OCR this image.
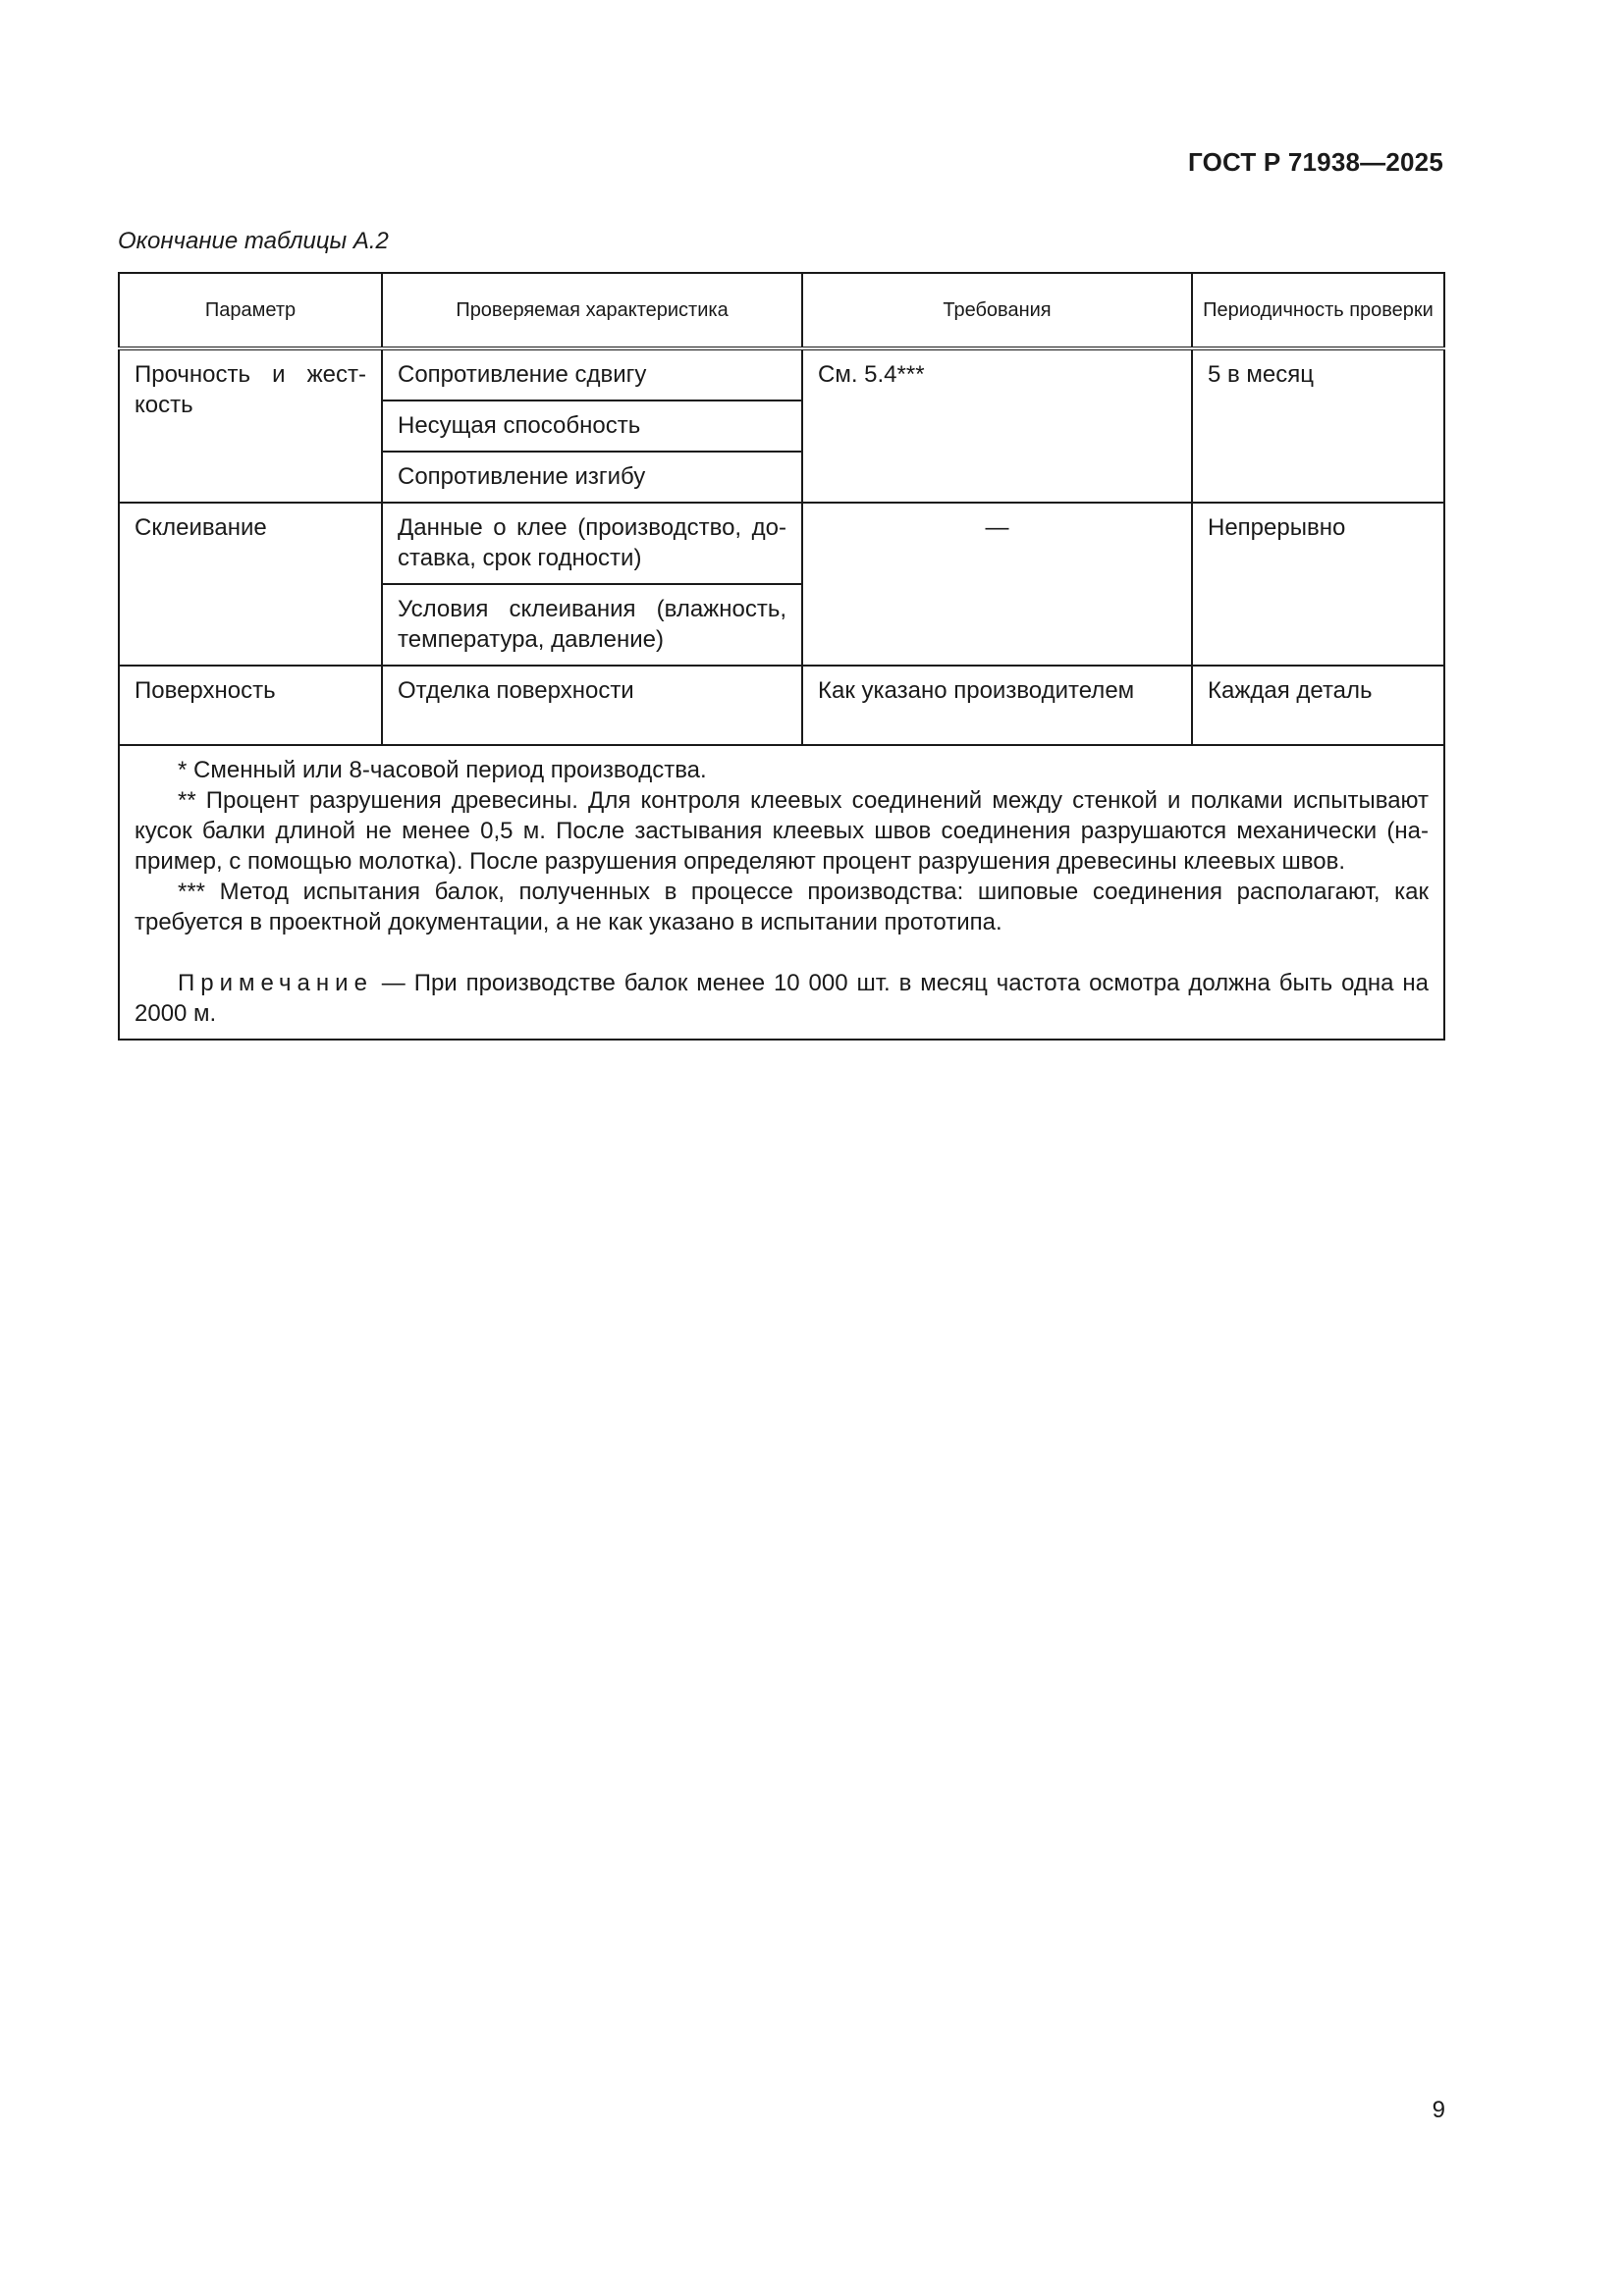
ГОСТ Р 71938—2025
Окончание таблицы А.2
Параметр	Проверяемая характеристика	Требования	Периодичность проверки
Прочность и жесткость	Сопротивление сдвигу	См. 5.4***	5 в месяц
	Несущая способность		
	Сопротивление изгибу		
Склеивание	Данные о клее (производство, доставка, срок годности)	—	Непрерывно
	Условия склеивания (влажность, температура, давление)		
Поверхность	Отделка поверхности	Как указано производителем	Каждая деталь

* Сменный или 8-часовой период производства.

** Процент разрушения древесины. Для контроля клеевых соединений между стенкой и полками испытывают кусок балки длиной не менее 0,5 м. После застывания клеевых швов соединения разрушаются механически (например, с помощью молотка). После разрушения определяют процент разрушения древесины клеевых швов.

*** Метод испытания балок, полученных в процессе производства: шиповые соединения располагают, как требуется в проектной документации, а не как указано в испытании прототипа.

Примечание — При производстве балок менее 10 000 шт. в месяц частота осмотра должна быть одна на 2000 м.			

9
